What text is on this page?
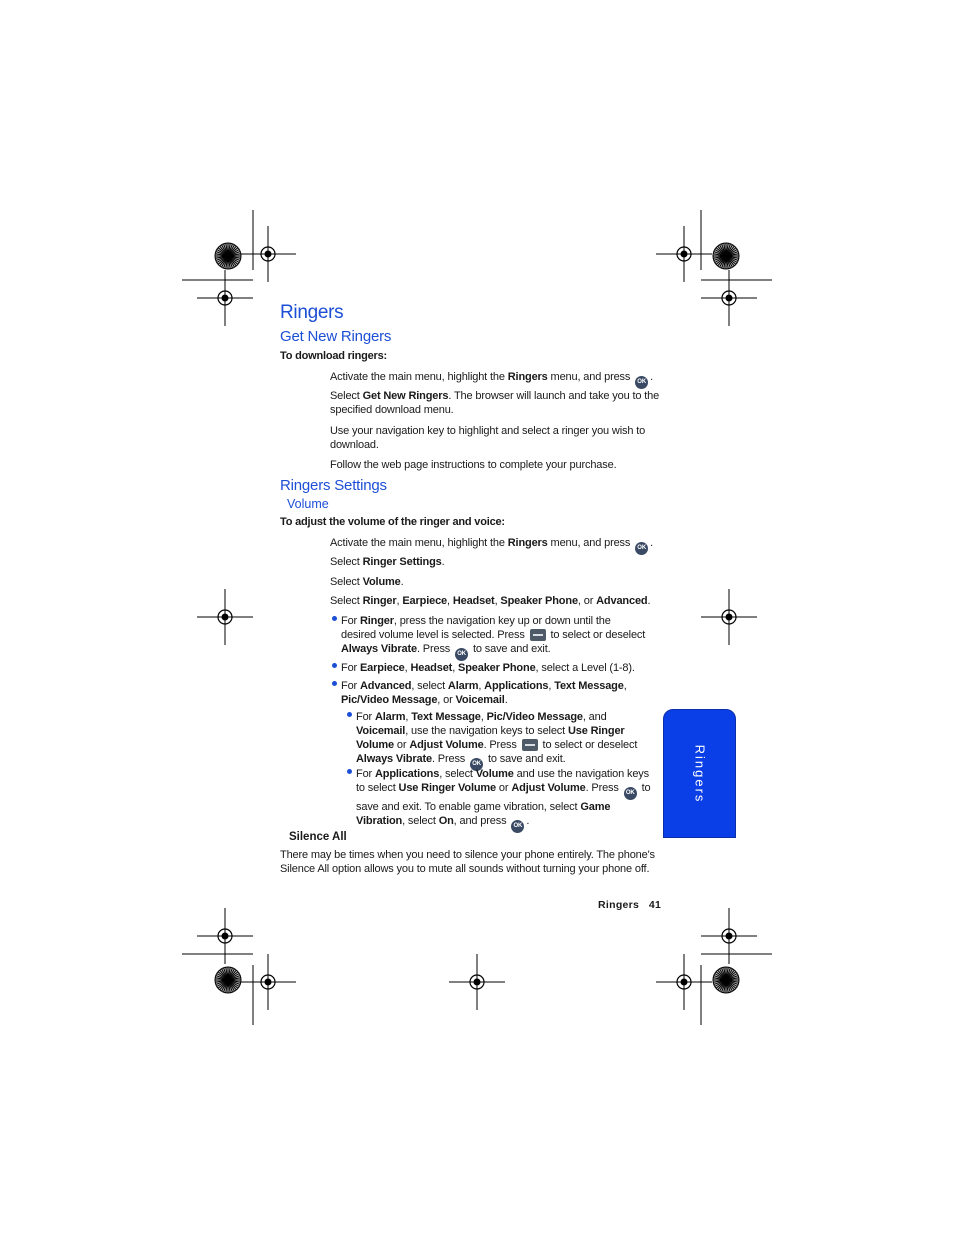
Ringers
Get New Ringers
To download ringers:
Activate the main menu, highlight the Ringers menu, and press OK .
Select Get New Ringers. The browser will launch and take you to the specified download menu.
Use your navigation key to highlight and select a ringer you wish to download.
Follow the web page instructions to complete your purchase.
Ringers Settings
Volume
To adjust the volume of the ringer and voice:
Activate the main menu, highlight the Ringers menu, and press OK .
Select Ringer Settings.
Select Volume.
Select Ringer, Earpiece, Headset, Speaker Phone, or Advanced.
For Ringer, press the navigation key up or down until the desired volume level is selected. Press  to select or deselect Always Vibrate. Press OK to save and exit.
For Earpiece, Headset, Speaker Phone, select a Level (1-8).
For Advanced, select Alarm, Applications, Text Message, Pic/Video Message, or Voicemail.
For Alarm, Text Message, Pic/Video Message, and Voicemail, use the navigation keys to select Use Ringer Volume or Adjust Volume. Press  to select or deselect Always Vibrate. Press OK to save and exit.
For Applications, select Volume and use the navigation keys to select Use Ringer Volume or Adjust Volume. Press OK to save and exit. To enable game vibration, select Game Vibration, select On, and press OK .
Silence All
There may be times when you need to silence your phone entirely. The phone's Silence All option allows you to mute all sounds without turning your phone off.
Ringers
Ringers 41
